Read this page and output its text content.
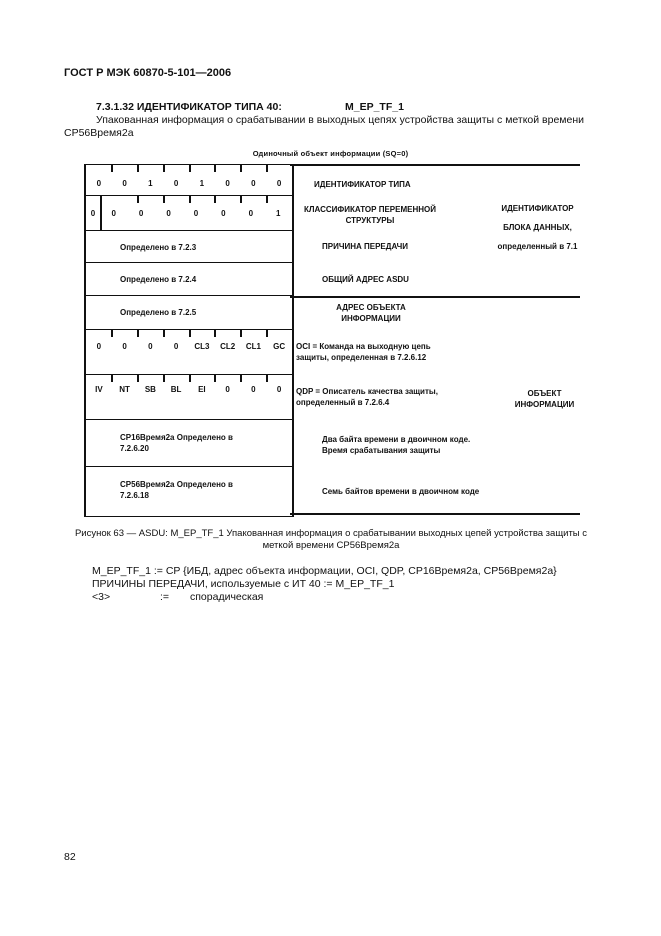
ГОСТ Р МЭК 60870-5-101—2006
7.3.1.32 ИДЕНТИФИКАТОР ТИПА 40:	M_EP_TF_1
Упакованная информация о срабатывании в выходных цепях устройства защиты с меткой времени СР56Время2а
Одиночный объект информации (SQ=0)
0	0	1	0	1	0	0	0
0	0	0	0	0	0	0	1
Определено в 7.2.3
Определено в 7.2.4
Определено в 7.2.5
0	0	0	0	CL3	CL2	CL1	GC
IV	NT	SB	BL	EI	0	0	0
СР16Время2а Определено в 7.2.6.20
СР56Время2а Определено в 7.2.6.18
ИДЕНТИФИКАТОР ТИПА
КЛАССИФИКАТОР ПЕРЕМЕННОЙ СТРУКТУРЫ
ПРИЧИНА ПЕРЕДАЧИ
ОБЩИЙ АДРЕС ASDU
АДРЕС ОБЪЕКТА ИНФОРМАЦИИ
OCI = Команда на выходную цепь защиты, определенная в 7.2.6.12
QDP = Описатель качества защиты, определенный в 7.2.6.4
Два байта времени в двоичном коде. Время срабатывания защиты
Семь байтов времени в двоичном коде
ИДЕНТИФИКАТОР БЛОКА ДАННЫХ, определенный в 7.1
ОБЪЕКТ ИНФОРМАЦИИ
Рисунок 63 — ASDU: M_EP_TF_1 Упакованная информация о срабатывании выходных цепей устройства защиты с меткой времени СР56Время2а
M_EP_TF_1 := CP {ИБД, адрес объекта информации, OCI, QDP, СР16Время2а, СР56Время2а}
ПРИЧИНЫ ПЕРЕДАЧИ, используемые с ИТ 40 := M_EP_TF_1
<3>	:= спорадическая
82
